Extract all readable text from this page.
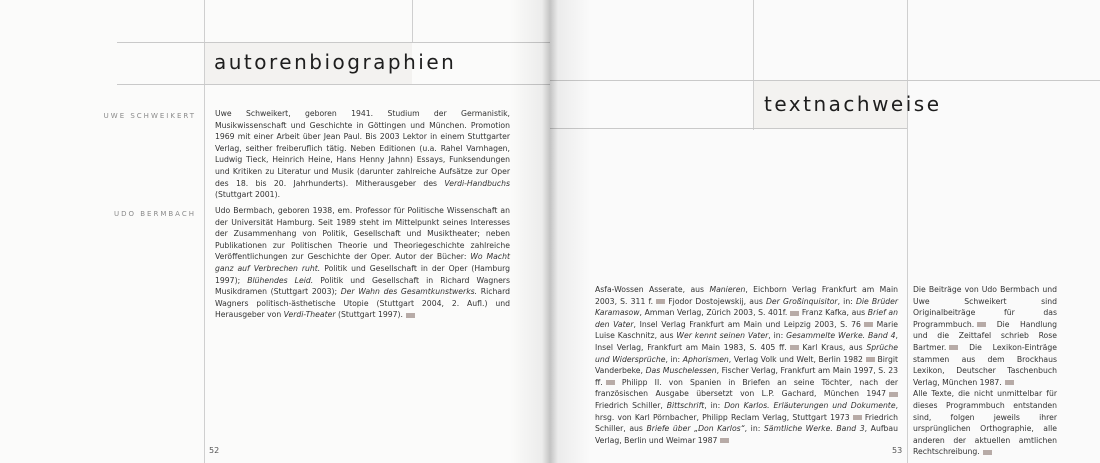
autorenbiographien
UWE SCHWEIKERT Uwe Schweikert, geboren 1941. Studium der Germanistik, Musikwissenschaft und Geschichte in Göttingen und München. Promotion 1969 mit einer Arbeit über Jean Paul. Bis 2003 Lektor in einem Stuttgarter Verlag, seither freiberuflich tätig. Neben Editionen (u.a. Rahel Varnhagen, Ludwig Tieck, Heinrich Heine, Hans Henny Jahnn) Essays, Funksendungen und Kritiken zu Literatur und Musik (darunter zahlreiche Aufsätze zur Oper des 18. bis 20. Jahrhunderts). Mitherausgeber des Verdi-Handbuchs (Stuttgart 2001).
UDO BERMBACH Udo Bermbach, geboren 1938, em. Professor für Politische Wissenschaft an der Universität Hamburg. Seit 1989 steht im Mittelpunkt seines Interesses der Zusammenhang von Politik, Gesellschaft und Musiktheater; neben Publikationen zur Politischen Theorie und Theoriegeschichte zahlreiche Veröffentlichungen zur Geschichte der Oper. Autor der Bücher: Wo Macht ganz auf Verbrechen ruht. Politik und Gesellschaft in der Oper (Hamburg 1997); Blühendes Leid. Politik und Gesellschaft in Richard Wagners Musikdramen (Stuttgart 2003); Der Wahn des Gesamtkunstwerks. Richard Wagners politisch-ästhetische Utopie (Stuttgart 2004, 2. Aufl.) und Herausgeber von Verdi-Theater (Stuttgart 1997).
52
textnachweise
Asfa-Wossen Asserate, aus Manieren, Eichborn Verlag Frankfurt am Main 2003, S. 311 f. Fjodor Dostojewskij, aus Der Großinquisitor, in: Die Brüder Karamasow, Amman Verlag, Zürich 2003, S. 401f. Franz Kafka, aus Brief an den Vater, Insel Verlag Frankfurt am Main und Leipzig 2003, S. 76 Marie Luise Kaschnitz, aus Wer kennt seinen Vater, in: Gesammelte Werke. Band 4, Insel Verlag, Frankfurt am Main 1983, S. 405 ff. Karl Kraus, aus Sprüche und Widersprüche, in: Aphorismen, Verlag Volk und Welt, Berlin 1982 Birgit Vanderbeke, Das Muschelessen, Fischer Verlag, Frankfurt am Main 1997, S. 23 ff. Philipp II. von Spanien in Briefen an seine Töchter, nach der französischen Ausgabe übersetzt von L.P. Gachard, München 1947 Friedrich Schiller, Bittschrift, in: Don Karlos. Erläuterungen und Dokumente, hrsg. von Karl Pörnbacher, Philipp Reclam Verlag, Stuttgart 1973 Friedrich Schiller, aus Briefe über „Don Karlos“, in: Sämtliche Werke. Band 3, Aufbau Verlag, Berlin und Weimar 1987
Die Beiträge von Udo Bermbach und Uwe Schweikert sind Originalbeiträge für das Programmbuch. Die Handlung und die Zeittafel schrieb Rose Bartmer. Die Lexikon-Einträge stammen aus dem Brockhaus Lexikon, Deutscher Taschenbuch Verlag, München 1987.
Alle Texte, die nicht unmittelbar für dieses Programmbuch entstanden sind, folgen jeweils ihrer ursprünglichen Orthographie, alle anderen der aktuellen amtlichen Rechtschreibung.
53
